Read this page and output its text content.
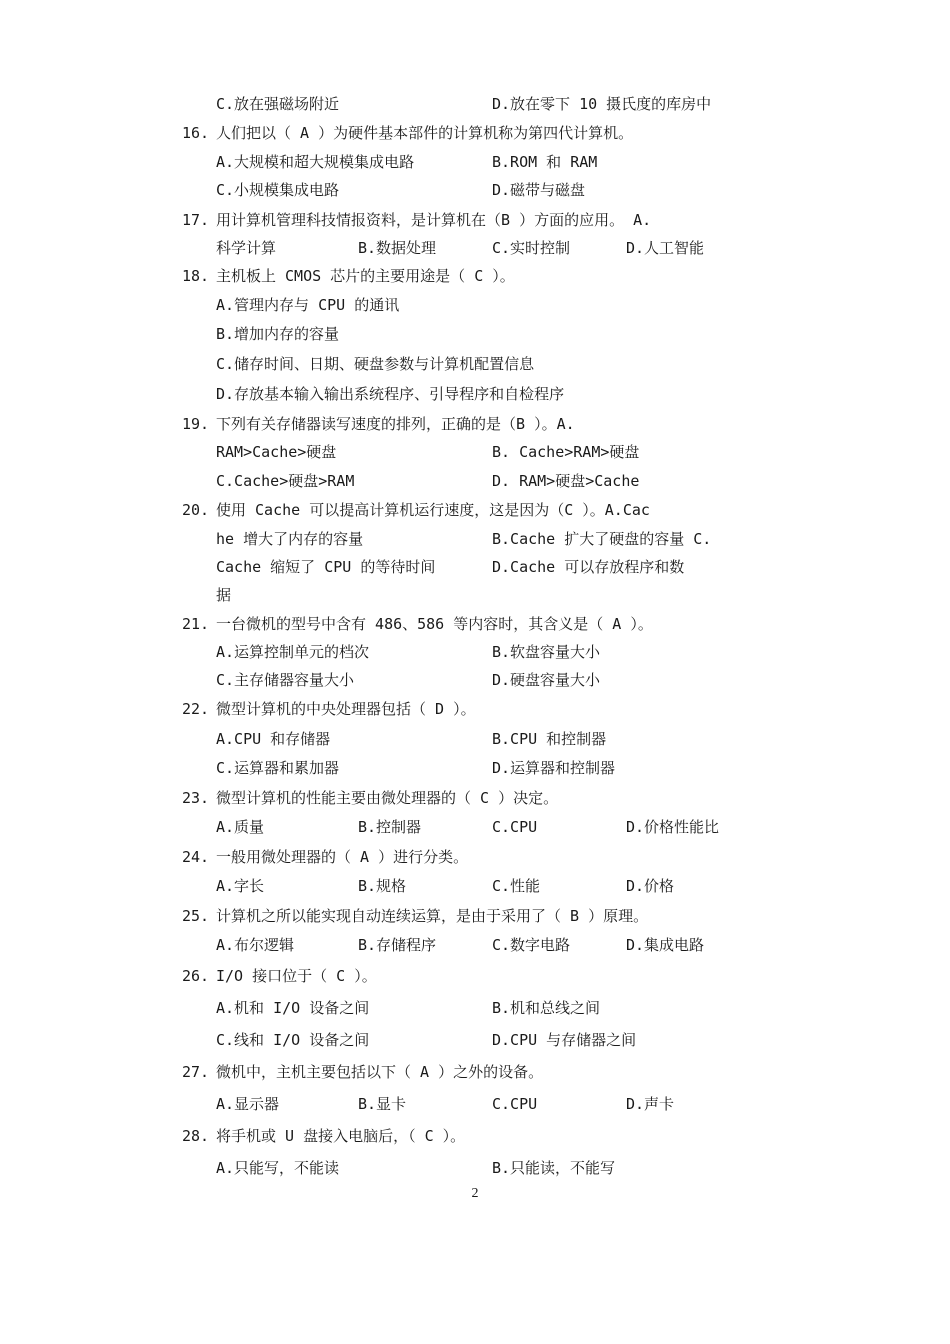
C.放在强磁场附近	D.放在零下 10 摄氏度的库房中
16. 人们把以（ A ）为硬件基本部件的计算机称为第四代计算机。
A.大规模和超大规模集成电路	B.ROM 和 RAM
C.小规模集成电路	D.磁带与磁盘
17. 用计算机管理科技情报资料，是计算机在（B ）方面的应用。 A.
科学计算	B.数据处理	C.实时控制	D.人工智能
18. 主机板上 CMOS 芯片的主要用途是（ C ）。
A.管理内存与 CPU 的通讯
B.增加内存的容量
C.储存时间、日期、硬盘参数与计算机配置信息
D.存放基本输入输出系统程序、引导程序和自检程序
19. 下列有关存储器读写速度的排列，正确的是（B ）。A.
RAM>Cache>硬盘	B. Cache>RAM>硬盘
C.Cache>硬盘>RAM	D. RAM>硬盘>Cache
20. 使用 Cache 可以提高计算机运行速度，这是因为（C ）。A.Cac
he 增大了内存的容量	B.Cache 扩大了硬盘的容量 C.
Cache 缩短了 CPU 的等待时间	D.Cache 可以存放程序和数
据
21. 一台微机的型号中含有 486、586 等内容时，其含义是（ A ）。
A.运算控制单元的档次	B.软盘容量大小
C.主存储器容量大小	D.硬盘容量大小
22. 微型计算机的中央处理器包括（ D ）。
A.CPU 和存储器	B.CPU 和控制器
C.运算器和累加器	D.运算器和控制器
23. 微型计算机的性能主要由微处理器的（ C ）决定。
A.质量	B.控制器	C.CPU	D.价格性能比
24. 一般用微处理器的（ A ）进行分类。
A.字长	B.规格	C.性能	D.价格
25. 计算机之所以能实现自动连续运算，是由于采用了（ B ）原理。
A.布尔逻辑	B.存储程序	C.数字电路	D.集成电路
26. I/O 接口位于（ C ）。
A.机和 I/O 设备之间	B.机和总线之间
C.线和 I/O 设备之间	D.CPU 与存储器之间
27. 微机中，主机主要包括以下（ A ）之外的设备。
A.显示器	B.显卡	C.CPU	D.声卡
28. 将手机或 U 盘接入电脑后，（ C ）。
A.只能写，不能读	B.只能读，不能写
2
